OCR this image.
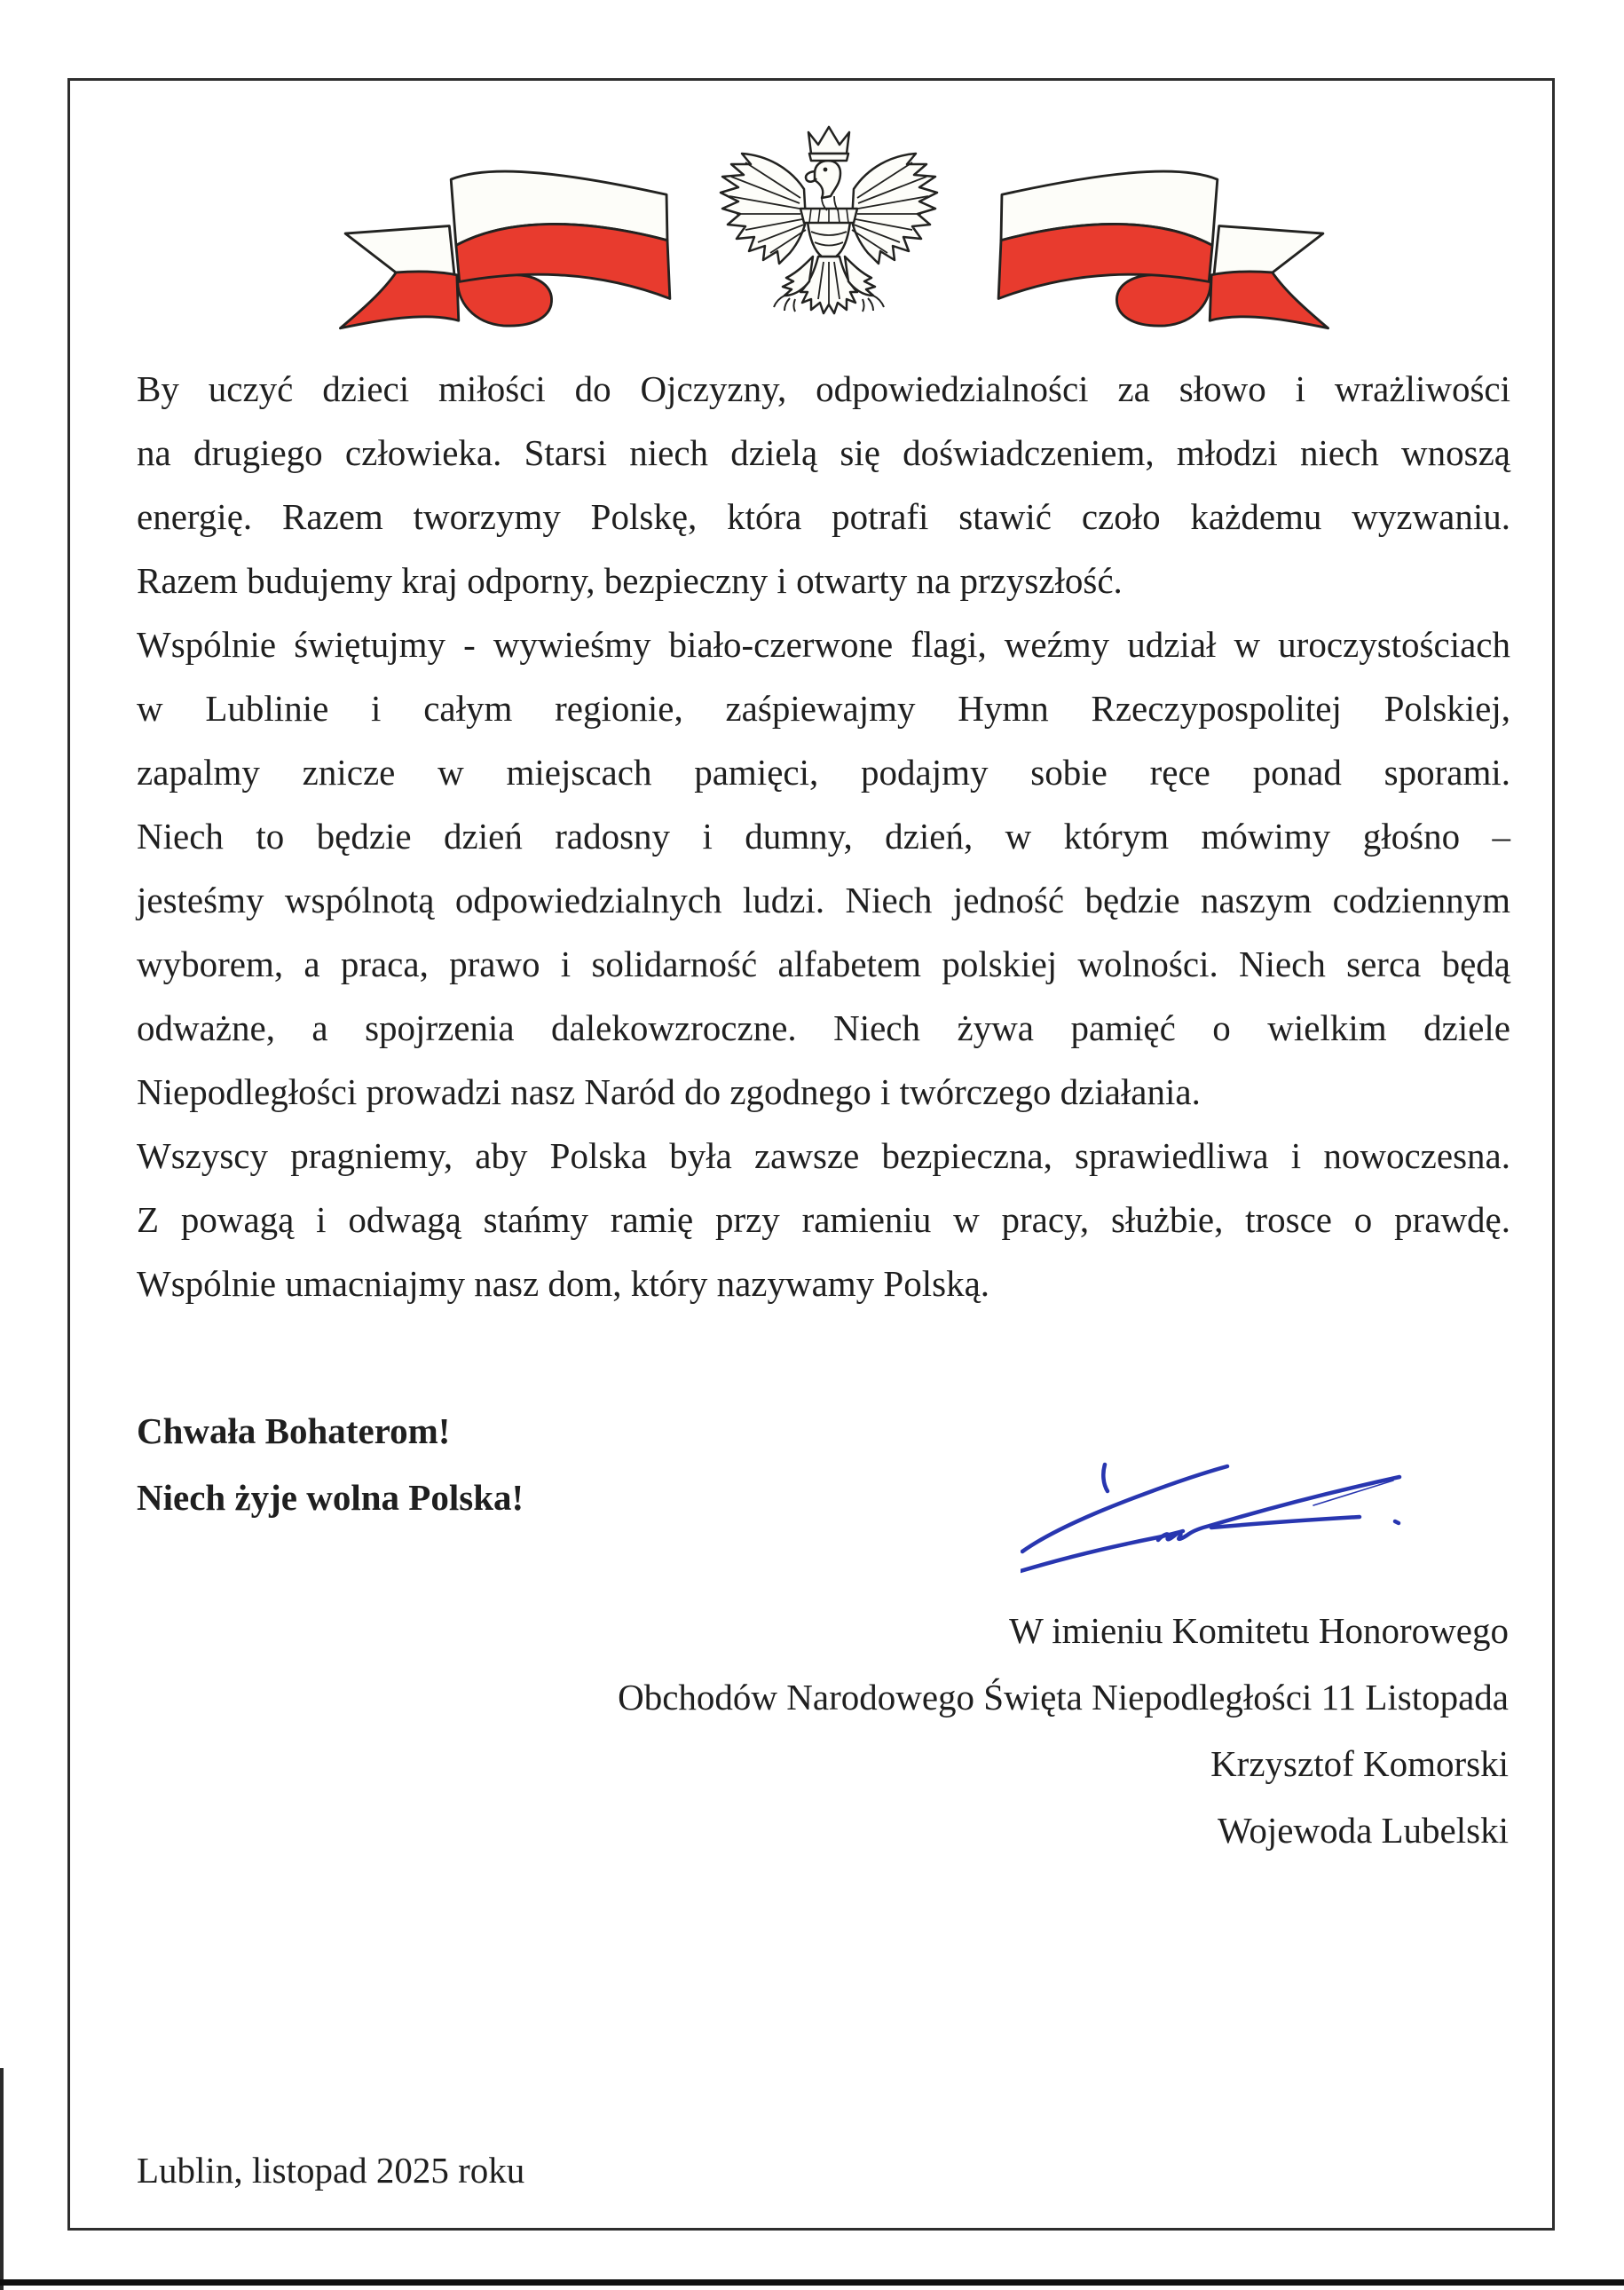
By uczyć dzieci miłości do Ojczyzny, odpowiedzialności za słowo i wrażliwości
na drugiego człowieka. Starsi niech dzielą się doświadczeniem, młodzi niech wnoszą
energię. Razem tworzymy Polskę, która potrafi stawić czoło każdemu wyzwaniu.
Razem budujemy kraj odporny, bezpieczny i otwarty na przyszłość.
Wspólnie świętujmy - wywieśmy biało-czerwone flagi, weźmy udział w uroczystościach
w Lublinie i całym regionie, zaśpiewajmy Hymn Rzeczypospolitej Polskiej,
zapalmy znicze w miejscach pamięci, podajmy sobie ręce ponad sporami.
Niech to będzie dzień radosny i dumny, dzień, w którym mówimy głośno –
jesteśmy wspólnotą odpowiedzialnych ludzi. Niech jedność będzie naszym codziennym
wyborem, a praca, prawo i solidarność alfabetem polskiej wolności. Niech serca będą
odważne, a spojrzenia dalekowzroczne. Niech żywa pamięć o wielkim dziele
Niepodległości prowadzi nasz Naród do zgodnego i twórczego działania.
Wszyscy pragniemy, aby Polska była zawsze bezpieczna, sprawiedliwa i nowoczesna.
Z powagą i odwagą stańmy ramię przy ramieniu w pracy, służbie, trosce o prawdę.
Wspólnie umacniajmy nasz dom, który nazywamy Polską.
Chwała Bohaterom!
Niech żyje wolna Polska!
W imieniu Komitetu Honorowego
Obchodów Narodowego Święta Niepodległości 11 Listopada
Krzysztof Komorski
Wojewoda Lubelski
Lublin, listopad 2025 roku
